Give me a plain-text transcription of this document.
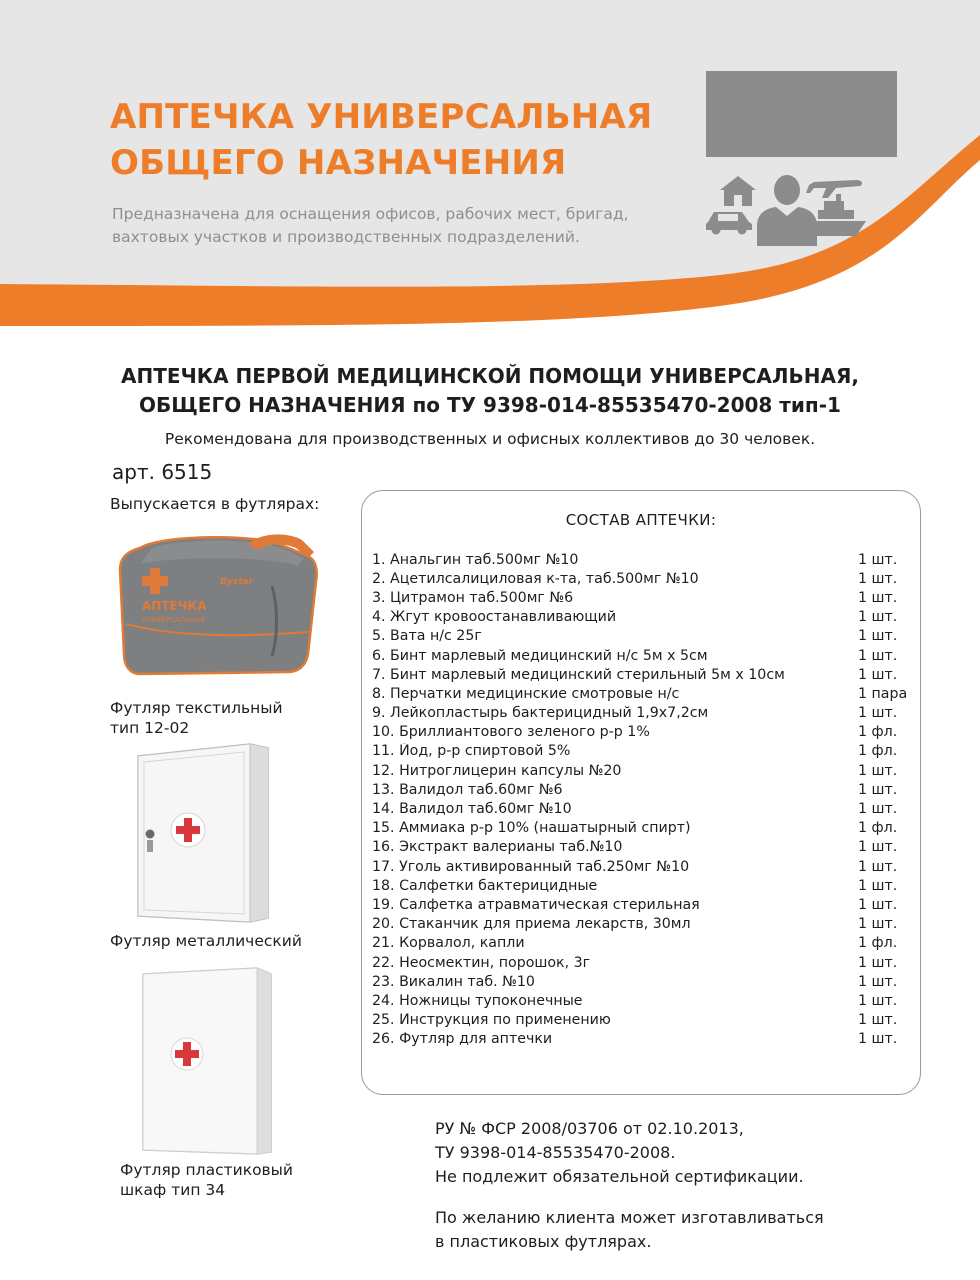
АПТЕЧКА УНИВЕРСАЛЬНАЯ
ОБЩЕГО НАЗНАЧЕНИЯ

Предназначена для оснащения офисов, рабочих мест, бригад,
вахтовых участков и производственных подразделений.

АПТЕЧКА ПЕРВОЙ МЕДИЦИНСКОЙ ПОМОЩИ УНИВЕРСАЛЬНАЯ,
ОБЩЕГО НАЗНАЧЕНИЯ по ТУ 9398-014-85535470-2008 тип-1
Рекомендована для производственных и офисных коллективов до 30 человек.
арт. 6515
Выпускается в футлярах:
АПТЕЧКА
УНИВЕРСАЛЬНАЯ
Bystar
Футляр текстильный
тип 12-02
Футляр металлический
Футляр пластиковый
шкаф тип 34
СОСТАВ АПТЕЧКИ:
1. Анальгин таб.500мг №10	1 шт.
2. Ацетилсалициловая к-та, таб.500мг №10	1 шт.
3. Цитрамон таб.500мг №6	1 шт.
4. Жгут кровоостанавливающий	1 шт.
5. Вата н/с 25г	1 шт.
6. Бинт марлевый медицинский н/с 5м х 5см	1 шт.
7. Бинт марлевый медицинский стерильный 5м х 10см	1 шт.
8. Перчатки медицинские смотровые н/с	1 пара
9. Лейкопластырь бактерицидный 1,9х7,2см	1 шт.
10. Бриллиантового зеленого р-р 1%	1 фл.
11. Йод, р-р спиртовой 5%	1 фл.
12. Нитроглицерин капсулы №20	1 шт.
13. Валидол таб.60мг №6	1 шт.
14. Валидол таб.60мг №10	1 шт.
15. Аммиака р-р 10% (нашатырный спирт)	1 фл.
16. Экстракт валерианы таб.№10	1 шт.
17. Уголь активированный таб.250мг №10	1 шт.
18. Салфетки бактерицидные	1 шт.
19. Салфетка атравматическая стерильная	1 шт.
20. Стаканчик для приема лекарств, 30мл	1 шт.
21. Корвалол, капли	1 фл.
22. Неосмектин, порошок, 3г	1 шт.
23. Викалин таб. №10	1 шт.
24. Ножницы тупоконечные	1 шт.
25. Инструкция по применению	1 шт.
26. Футляр для аптечки	1 шт.
РУ № ФСР 2008/03706 от 02.10.2013,
ТУ 9398-014-85535470-2008.
Не подлежит обязательной сертификации.
По желанию клиента может изготавливаться
в пластиковых футлярах.
